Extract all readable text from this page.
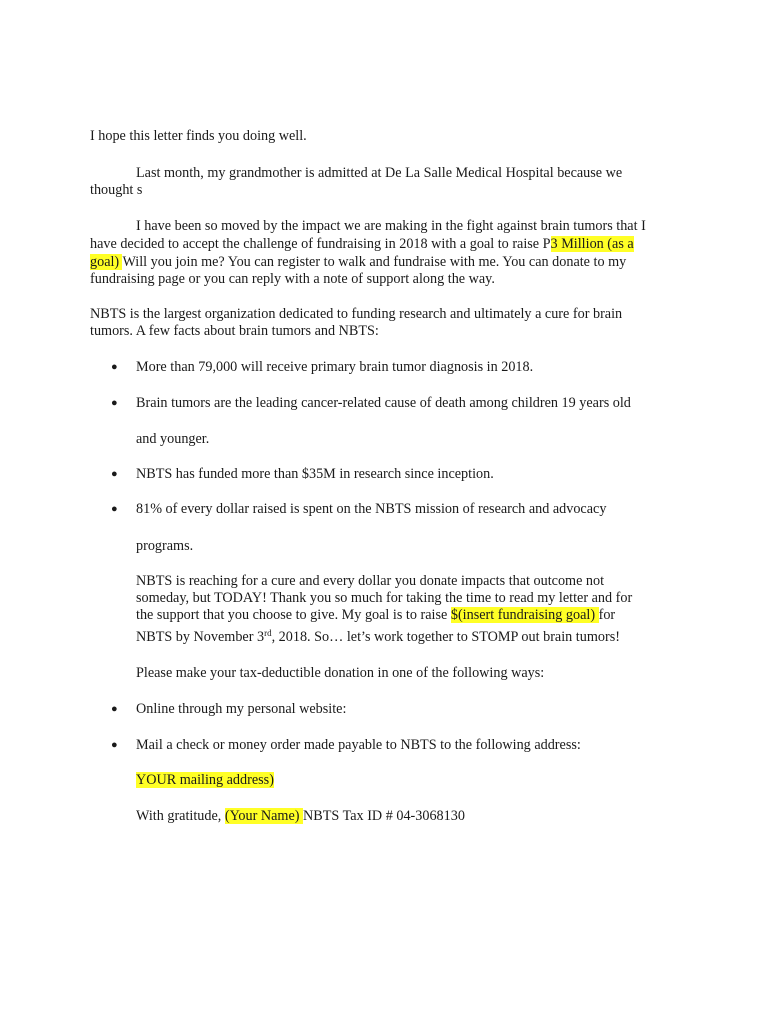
I hope this letter finds you doing well.

Last month, my grandmother is admitted at De La Salle Medical Hospital because we

thought s

I have been so moved by the impact we are making in the fight against brain tumors that I

have decided to accept the challenge of fundraising in 2018 with a goal to raise P3 Million (as a

goal) Will you join me? You can register to walk and fundraise with me. You can donate to my

fundraising page or you can reply with a note of support along the way.

NBTS is the largest organization dedicated to funding research and ultimately a cure for brain

tumors. A few facts about brain tumors and NBTS:

● More than 79,000 will receive primary brain tumor diagnosis in 2018.

● Brain tumors are the leading cancer-related cause of death among children 19 years old

and younger.

● NBTS has funded more than $35M in research since inception.

● 81% of every dollar raised is spent on the NBTS mission of research and advocacy

programs.

NBTS is reaching for a cure and every dollar you donate impacts that outcome not

someday, but TODAY! Thank you so much for taking the time to read my letter and for

the support that you choose to give. My goal is to raise $(insert fundraising goal) for

NBTS by November 3rd, 2018. So… let’s work together to STOMP out brain tumors!

Please make your tax-deductible donation in one of the following ways:

● Online through my personal website:

● Mail a check or money order made payable to NBTS to the following address:

YOUR mailing address)

With gratitude, (Your Name) NBTS Tax ID # 04-3068130
